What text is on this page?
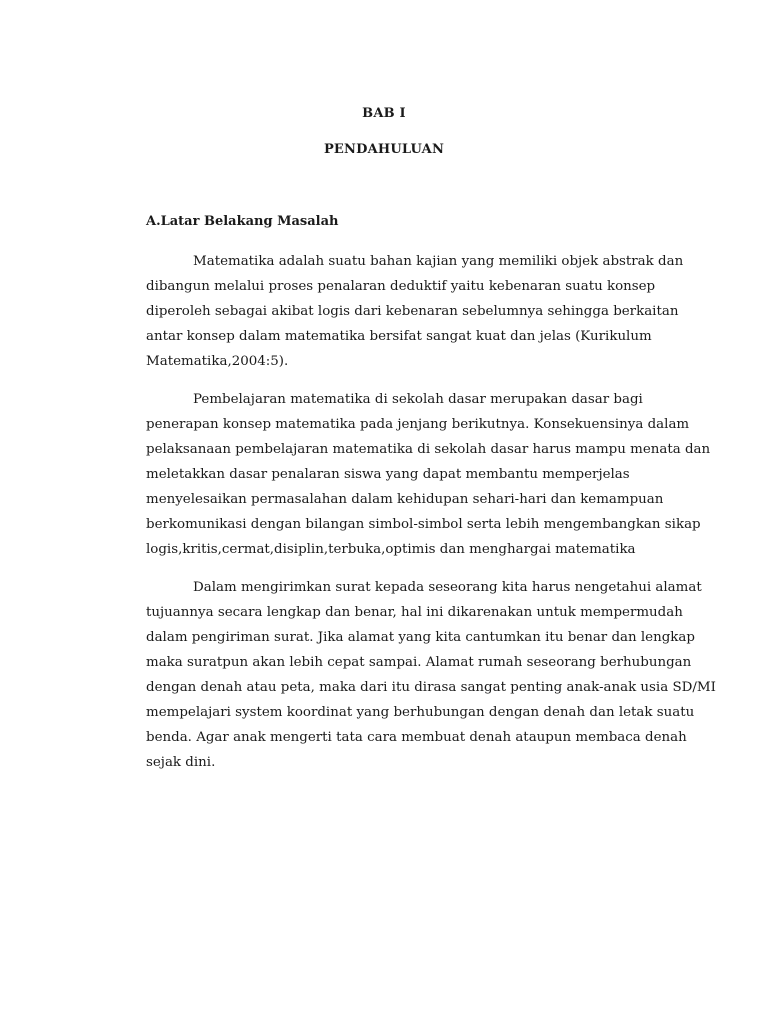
BAB I
PENDAHULUAN
A.Latar Belakang Masalah

Matematika adalah suatu bahan kajian yang memiliki objek abstrak dan
dibangun melalui proses penalaran deduktif yaitu kebenaran suatu konsep
diperoleh sebagai akibat logis dari kebenaran sebelumnya sehingga berkaitan
antar konsep dalam matematika bersifat sangat kuat dan jelas (Kurikulum
Matematika,2004:5).

Pembelajaran matematika di sekolah dasar merupakan dasar bagi
penerapan konsep matematika pada jenjang berikutnya. Konsekuensinya dalam
pelaksanaan pembelajaran matematika di sekolah dasar harus mampu menata dan
meletakkan dasar penalaran siswa yang dapat membantu memperjelas
menyelesaikan permasalahan dalam kehidupan sehari-hari dan kemampuan
berkomunikasi dengan bilangan simbol-simbol serta lebih mengembangkan sikap
logis,kritis,cermat,disiplin,terbuka,optimis dan menghargai matematika

Dalam mengirimkan surat kepada seseorang kita harus nengetahui alamat
tujuannya secara lengkap dan benar, hal ini dikarenakan untuk mempermudah
dalam pengiriman surat. Jika alamat yang kita cantumkan itu benar dan lengkap
maka suratpun akan lebih cepat sampai. Alamat rumah seseorang berhubungan
dengan denah atau peta, maka dari itu dirasa sangat penting anak-anak usia SD/MI
mempelajari system koordinat yang berhubungan dengan denah dan letak suatu
benda. Agar anak mengerti tata cara membuat denah ataupun membaca denah
sejak dini.
